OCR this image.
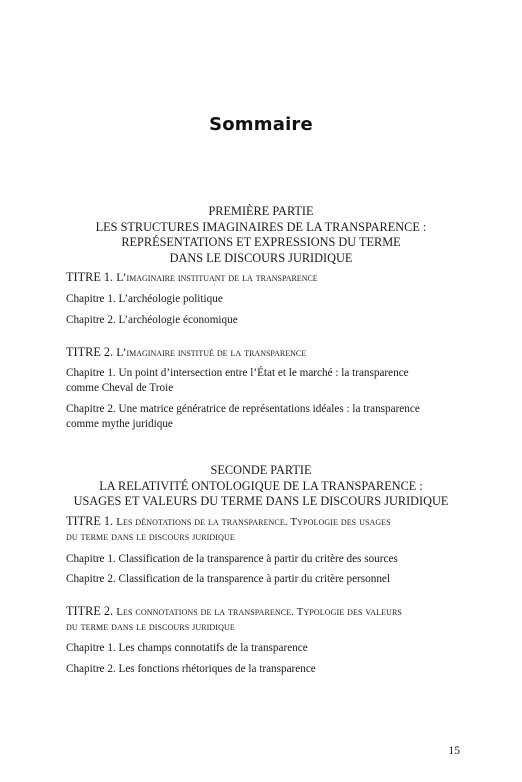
Sommaire
PREMIÈRE PARTIE
LES STRUCTURES IMAGINAIRES DE LA TRANSPARENCE :
REPRÉSENTATIONS ET EXPRESSIONS DU TERME
DANS LE DISCOURS JURIDIQUE
TITRE 1. L’imaginaire instituant de la transparence
Chapitre 1. L’archéologie politique
Chapitre 2. L’archéologie économique
TITRE 2. L’imaginaire institué de la transparence
Chapitre 1. Un point d’intersection entre l’État et le marché : la transparence
comme Cheval de Troie
Chapitre 2. Une matrice génératrice de représentations idéales : la transparence
comme mythe juridique
SECONDE PARTIE
LA RELATIVITÉ ONTOLOGIQUE DE LA TRANSPARENCE :
USAGES ET VALEURS DU TERME DANS LE DISCOURS JURIDIQUE
TITRE 1. Les dénotations de la transparence. Typologie des usages
du terme dans le discours juridique
Chapitre 1. Classification de la transparence à partir du critère des sources
Chapitre 2. Classification de la transparence à partir du critère personnel
TITRE 2. Les connotations de la transparence. Typologie des valeurs
du terme dans le discours juridique
Chapitre 1. Les champs connotatifs de la transparence
Chapitre 2. Les fonctions rhétoriques de la transparence
15
